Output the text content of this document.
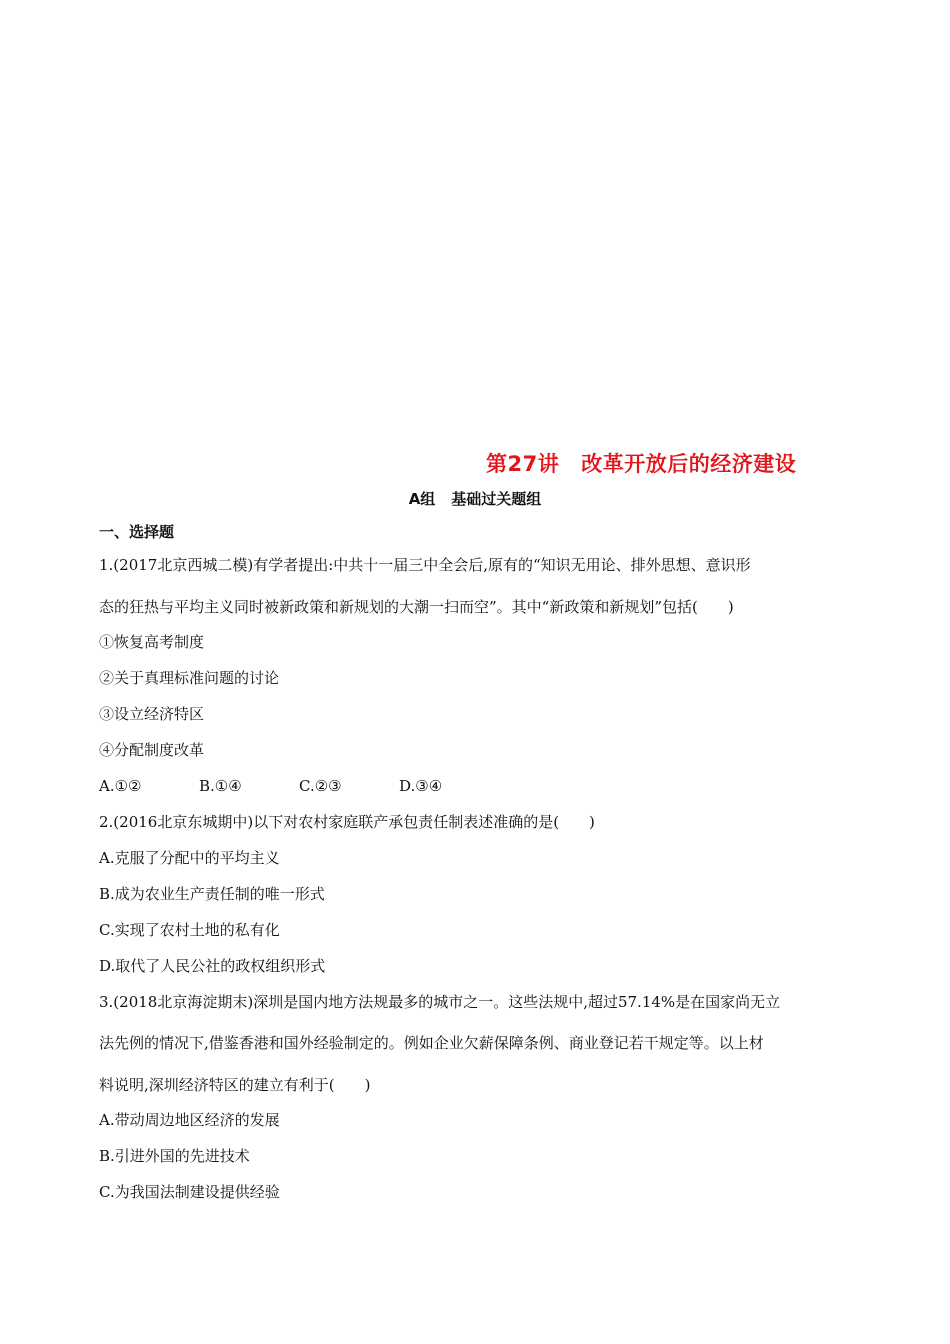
第27讲 改革开放后的经济建设
A组 基础过关题组
一、选择题
1.(2017北京西城二模)有学者提出:中共十一届三中全会后,原有的“知识无用论、排外思想、意识形
态的狂热与平均主义同时被新政策和新规划的大潮一扫而空”。其中“新政策和新规划”包括(　　)
①恢复高考制度
②关于真理标准问题的讨论
③设立经济特区
④分配制度改革
A.①②	B.①④	C.②③	D.③④
2.(2016北京东城期中)以下对农村家庭联产承包责任制表述准确的是(　　)
A.克服了分配中的平均主义
B.成为农业生产责任制的唯一形式
C.实现了农村土地的私有化
D.取代了人民公社的政权组织形式
3.(2018北京海淀期末)深圳是国内地方法规最多的城市之一。这些法规中,超过57.14%是在国家尚无立
法先例的情况下,借鉴香港和国外经验制定的。例如企业欠薪保障条例、商业登记若干规定等。以上材
料说明,深圳经济特区的建立有利于(　　)
A.带动周边地区经济的发展
B.引进外国的先进技术
C.为我国法制建设提供经验
